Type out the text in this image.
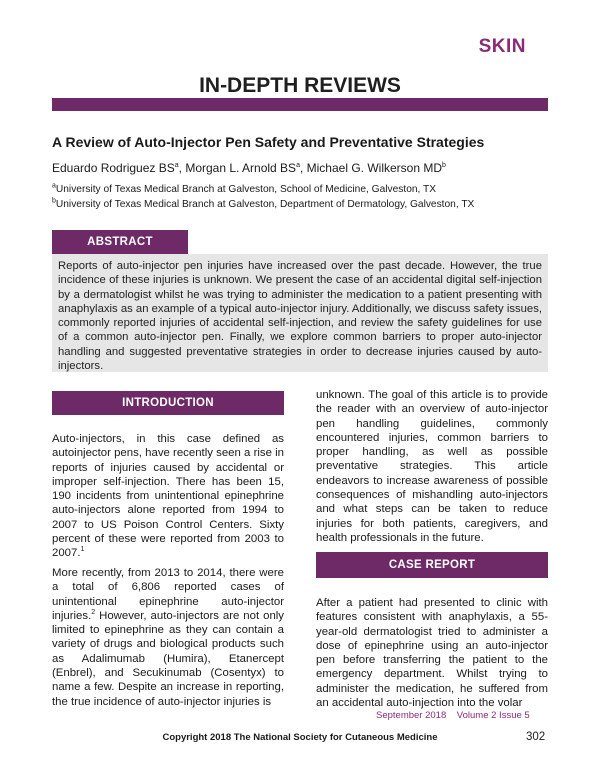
SKIN
IN-DEPTH REVIEWS
A Review of Auto-Injector Pen Safety and Preventative Strategies
Eduardo Rodriguez $BS^a$, Morgan L. Arnold $BS^a$, Michael G. Wilkerson $MD^b$
$^a$University of Texas Medical Branch at Galveston, School of Medicine, Galveston, TX
$^b$University of Texas Medical Branch at Galveston, Department of Dermatology, Galveston, TX
ABSTRACT
Reports of auto-injector pen injuries have increased over the past decade. However, the true incidence of these injuries is unknown. We present the case of an accidental digital self-injection by a dermatologist whilst he was trying to administer the medication to a patient presenting with anaphylaxis as an example of a typical auto-injector injury. Additionally, we discuss safety issues, commonly reported injuries of accidental self-injection, and review the safety guidelines for use of a common auto-injector pen. Finally, we explore common barriers to proper auto-injector handling and suggested preventative strategies in order to decrease injuries caused by auto-injectors.
INTRODUCTION
Auto-injectors, in this case defined as autoinjector pens, have recently seen a rise in reports of injuries caused by accidental or improper self-injection. There has been 15, 190 incidents from unintentional epinephrine auto-injectors alone reported from 1994 to 2007 to US Poison Control Centers. Sixty percent of these were reported from 2003 to 2007.$^1$
More recently, from 2013 to 2014, there were a total of 6,806 reported cases of unintentional epinephrine auto-injector injuries.$^2$ However, auto-injectors are not only limited to epinephrine as they can contain a variety of drugs and biological products such as Adalimumab (Humira), Etanercept (Enbrel), and Secukinumab (Cosentyx) to name a few. Despite an increase in reporting, the true incidence of auto-injector injuries is
unknown. The goal of this article is to provide the reader with an overview of auto-injector pen handling guidelines, commonly encountered injuries, common barriers to proper handling, as well as possible preventative strategies. This article endeavors to increase awareness of possible consequences of mishandling auto-injectors and what steps can be taken to reduce injuries for both patients, caregivers, and health professionals in the future.
CASE REPORT
After a patient had presented to clinic with features consistent with anaphylaxis, a 55-year-old dermatologist tried to administer a dose of epinephrine using an auto-injector pen before transferring the patient to the emergency department. Whilst trying to administer the medication, he suffered from an accidental auto-injection into the volar
September 2018    Volume 2 Issue 5
Copyright 2018 The National Society for Cutaneous Medicine	302
